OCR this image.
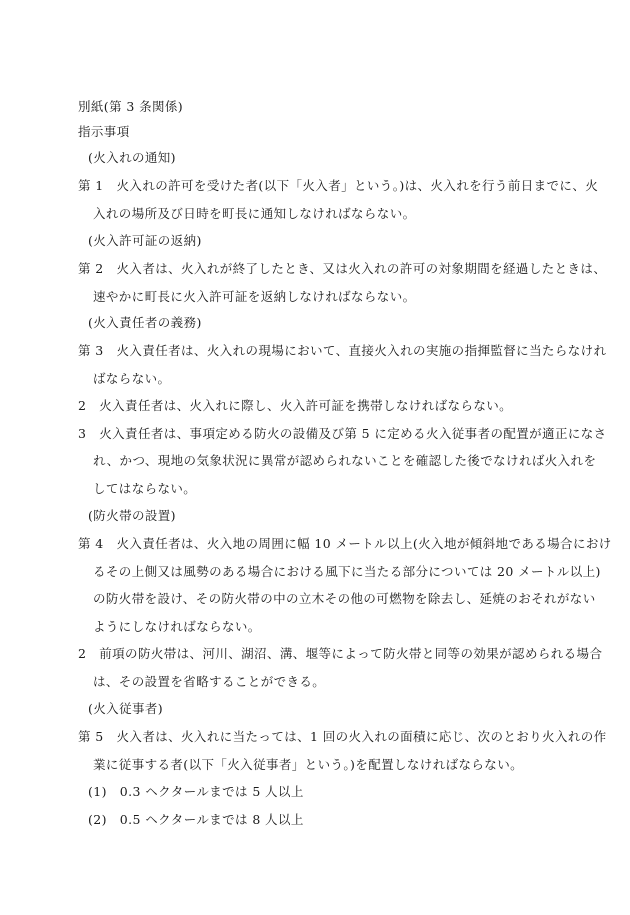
別紙(第 3 条関係)
指示事項
(火入れの通知)
第 1　火入れの許可を受けた者(以下「火入者」という。)は、火入れを行う前日までに、火
入れの場所及び日時を町長に通知しなければならない。
(火入許可証の返納)
第 2　火入者は、火入れが終了したとき、又は火入れの許可の対象期間を経過したときは、
速やかに町長に火入許可証を返納しなければならない。
(火入責任者の義務)
第 3　火入責任者は、火入れの現場において、直接火入れの実施の指揮監督に当たらなけれ
ばならない。
2　火入責任者は、火入れに際し、火入許可証を携帯しなければならない。
3　火入責任者は、事項定める防火の設備及び第 5 に定める火入従事者の配置が適正になさ
れ、かつ、現地の気象状況に異常が認められないことを確認した後でなければ火入れを
してはならない。
(防火帯の設置)
第 4　火入責任者は、火入地の周囲に幅 10 メートル以上(火入地が傾斜地である場合におけ
るその上側又は風勢のある場合における風下に当たる部分については 20 メートル以上)
の防火帯を設け、その防火帯の中の立木その他の可燃物を除去し、延焼のおそれがない
ようにしなければならない。
2　前項の防火帯は、河川、湖沼、溝、堰等によって防火帯と同等の効果が認められる場合
は、その設置を省略することができる。
(火入従事者)
第 5　火入者は、火入れに当たっては、1 回の火入れの面積に応じ、次のとおり火入れの作
業に従事する者(以下「火入従事者」という。)を配置しなければならない。
(1)　0.3 ヘクタールまでは 5 人以上
(2)　0.5 ヘクタールまでは 8 人以上
